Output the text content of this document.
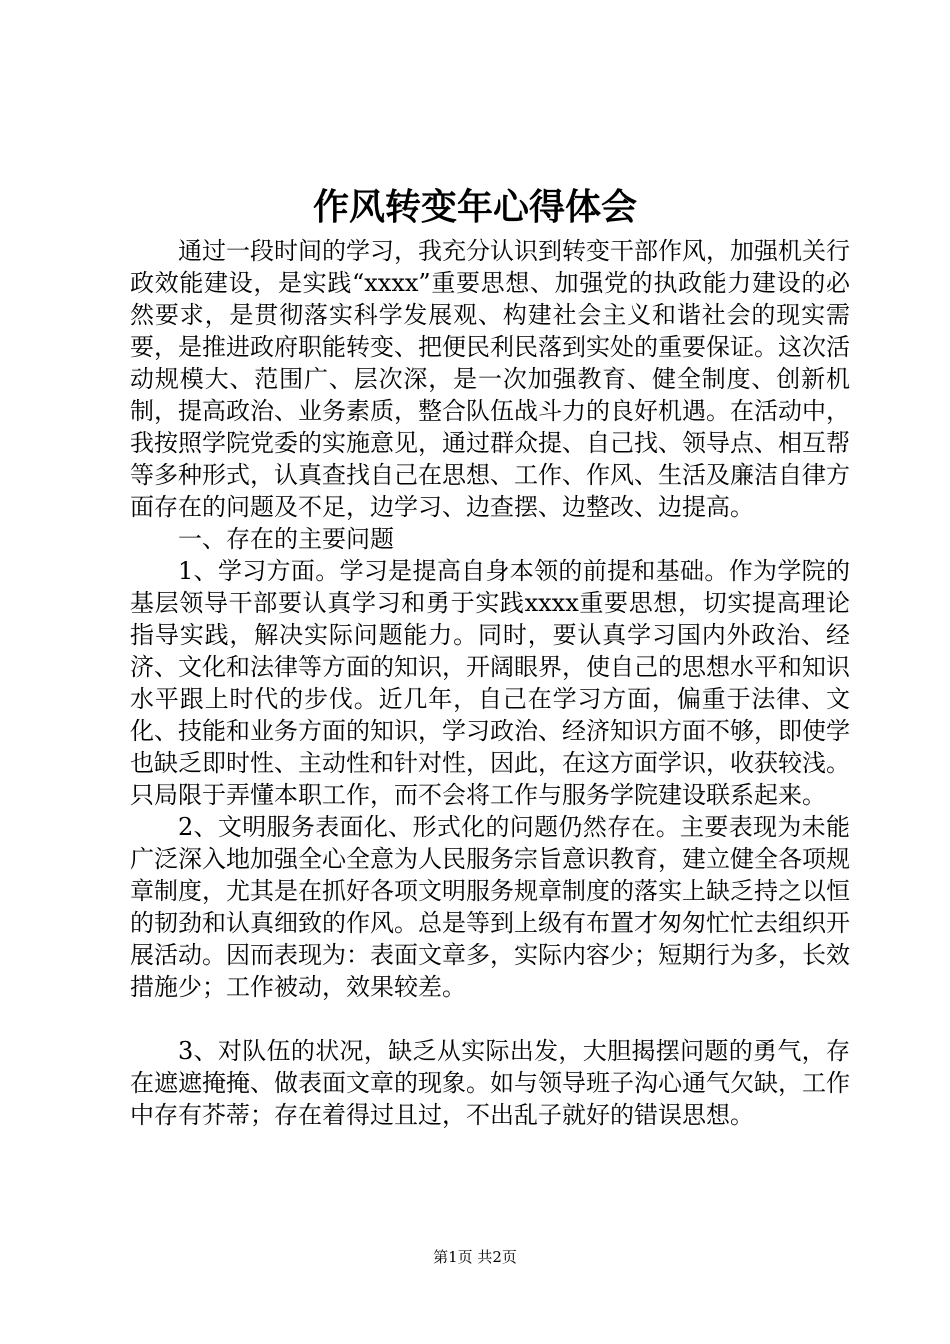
作风转变年心得体会

通过一段时间的学习，我充分认识到转变干部作风，加强机关行政效能建设，是实践“xxxx”重要思想、加强党的执政能力建设的必然要求，是贯彻落实科学发展观、构建社会主义和谐社会的现实需要，是推进政府职能转变、把便民利民落到实处的重要保证。这次活动规模大、范围广、层次深，是一次加强教育、健全制度、创新机制，提高政治、业务素质，整合队伍战斗力的良好机遇。在活动中，我按照学院党委的实施意见，通过群众提、自己找、领导点、相互帮等多种形式，认真查找自己在思想、工作、作风、生活及廉洁自律方面存在的问题及不足，边学习、边查摆、边整改、边提高。

一、存在的主要问题

1、学习方面。学习是提高自身本领的前提和基础。作为学院的基层领导干部要认真学习和勇于实践xxxx重要思想，切实提高理论指导实践，解决实际问题能力。同时，要认真学习国内外政治、经济、文化和法律等方面的知识，开阔眼界，使自己的思想水平和知识水平跟上时代的步伐。近几年，自己在学习方面，偏重于法律、文化、技能和业务方面的知识，学习政治、经济知识方面不够，即使学也缺乏即时性、主动性和针对性，因此，在这方面学识，收获较浅。只局限于弄懂本职工作，而不会将工作与服务学院建设联系起来。

2、文明服务表面化、形式化的问题仍然存在。主要表现为未能广泛深入地加强全心全意为人民服务宗旨意识教育，建立健全各项规章制度，尤其是在抓好各项文明服务规章制度的落实上缺乏持之以恒的韧劲和认真细致的作风。总是等到上级有布置才匆匆忙忙去组织开展活动。因而表现为：表面文章多，实际内容少；短期行为多，长效措施少；工作被动，效果较差。

3、对队伍的状况，缺乏从实际出发，大胆揭摆问题的勇气，存在遮遮掩掩、做表面文章的现象。如与领导班子沟心通气欠缺，工作中存有芥蒂；存在着得过且过，不出乱子就好的错误思想。

第1页 共2页
